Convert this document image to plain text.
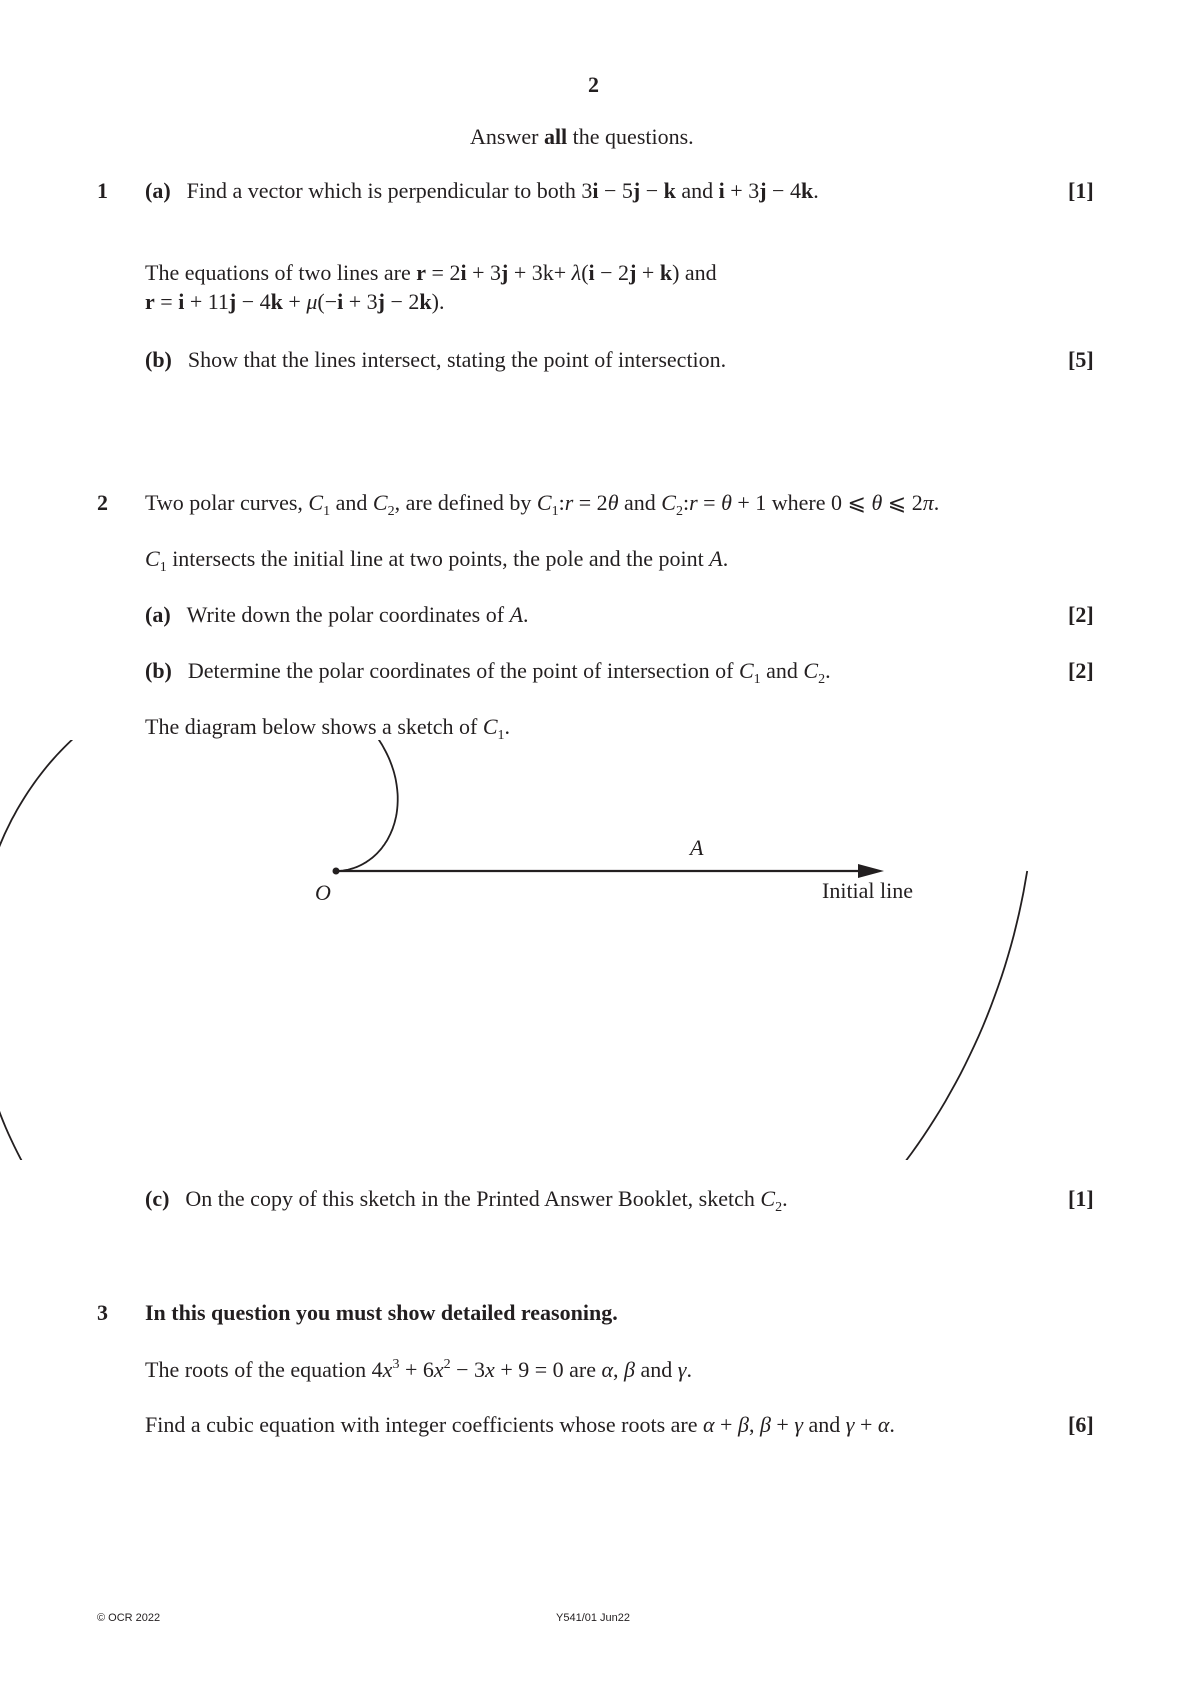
2
Answer all the questions.
1 (a) Find a vector which is perpendicular to both 3i − 5j − k and i + 3j − 4k.	[1]
The equations of two lines are r = 2i + 3j + 3k+ λ(i − 2j + k) and
r = i + 11j − 4k + μ(−i + 3j − 2k).
(b) Show that the lines intersect, stating the point of intersection.	[5]
2 Two polar curves, $C_1$ and $C_2$, are defined by $C_1:r = 2\theta$ and $C_2:r = \theta + 1$ where 0 ⩽ θ ⩽ 2π.
$C_1$ intersects the initial line at two points, the pole and the point A.
(a) Write down the polar coordinates of A.	[2]
(b) Determine the polar coordinates of the point of intersection of $C_1$ and $C_2$.	[2]
The diagram below shows a sketch of $C_1$.
O
A
Initial line
(c) On the copy of this sketch in the Printed Answer Booklet, sketch $C_2$.	[1]
3 In this question you must show detailed reasoning.
The roots of the equation $4x^3 + 6x^2 - 3x + 9 = 0$ are α, β and γ.
Find a cubic equation with integer coefficients whose roots are α + β, β + γ and γ + α.	[6]
© OCR 2022	Y541/01 Jun22
